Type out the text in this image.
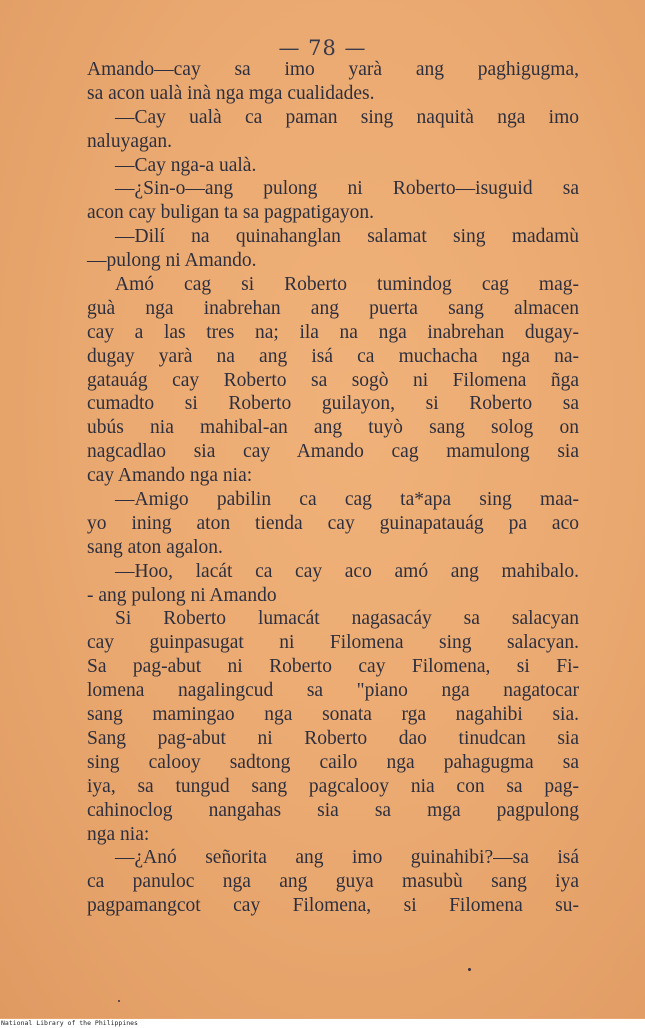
— 78 —
Amando—cay sa imo yarà ang paghigugma,
sa acon ualà inà nga mga cualidades.
—Cay ualà ca paman sing naquità nga imo
naluyagan.
—Cay nga-a ualà.
—¿Sin-o—ang pulong ni Roberto—isuguid sa
acon cay buligan ta sa pagpatigayon.
—Dilí na quinahanglan salamat sing madamù
—pulong ni Amando.
Amó cag si Roberto tumindog cag mag-
guà nga inabrehan ang puerta sang almacen
cay a las tres na; ila na nga inabrehan dugay-
dugay yarà na ang isá ca muchacha nga na-
gatauág cay Roberto sa sogò ni Filomena ñga
cumadto si Roberto guilayon, si Roberto sa
ubús nia mahibal-an ang tuyò sang solog on
nagcadlao sia cay Amando cag mamulong sia
cay Amando nga nia:
—Amigo pabilin ca cag ta*apa sing maa-
yo ining aton tienda cay guinapatauág pa aco
sang aton agalon.
—Hoo, lacát ca cay aco amó ang mahibalo.
- ang pulong ni Amando
Si Roberto lumacát nagasacáy sa salacyan
cay guinpasugat ni Filomena sing salacyan.
Sa pag-abut ni Roberto cay Filomena, si Fi-
lomena nagalingcud sa "piano nga nagatocar
sang mamingao nga sonata rga nagahibi sia.
Sang pag-abut ni Roberto dao tinudcan sia
sing calooy sadtong cailo nga pahagugma sa
iya, sa tungud sang pagcalooy nia con sa pag-
cahinoclog nangahas sia sa mga pagpulong
nga nia:
—¿Anó señorita ang imo guinahibi?—sa isá
ca panuloc nga ang guya masubù sang iya
pagpamangcot cay Filomena, si Filomena su-
National Library of the Philippines
